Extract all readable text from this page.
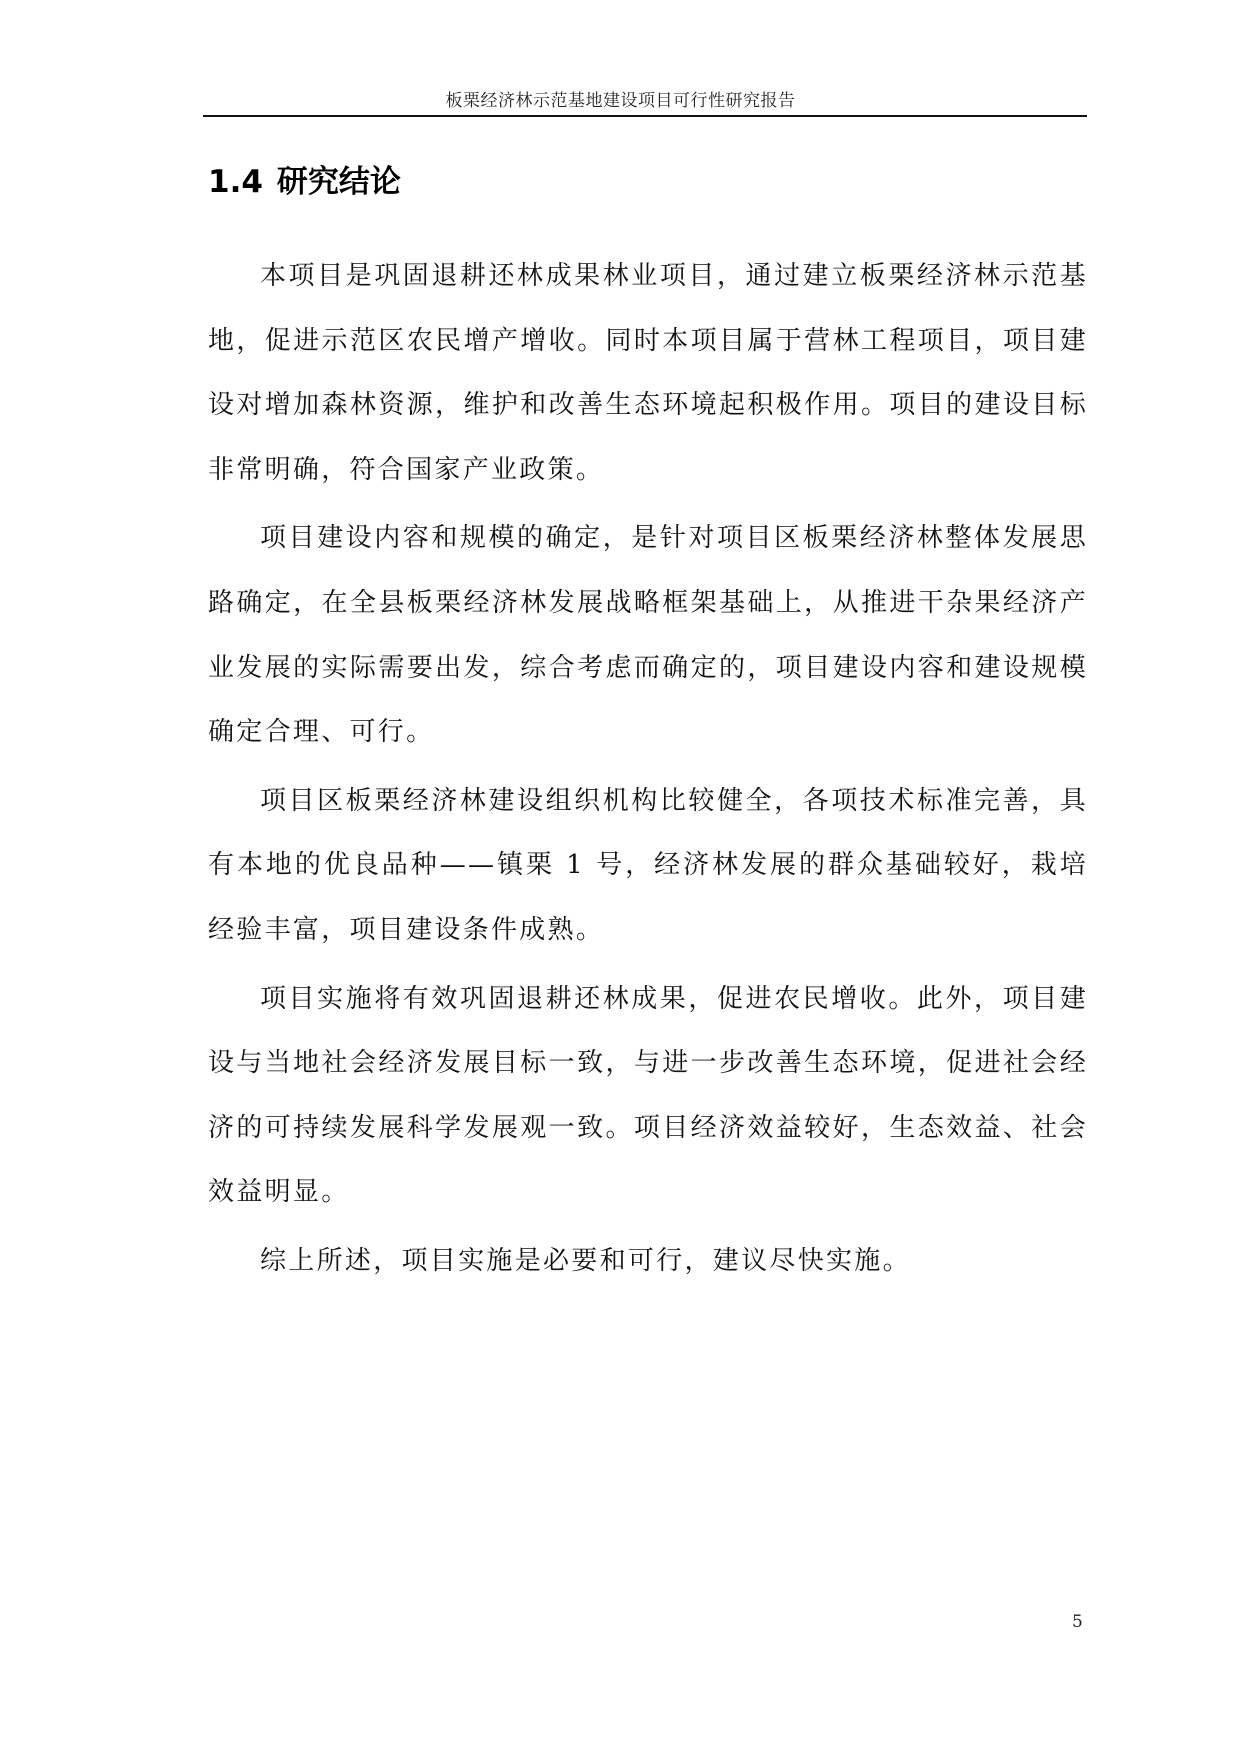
板栗经济林示范基地建设项目可行性研究报告
1.4 研究结论

本项目是巩固退耕还林成果林业项目，通过建立板栗经济林示范基地，促进示范区农民增产增收。同时本项目属于营林工程项目，项目建设对增加森林资源，维护和改善生态环境起积极作用。项目的建设目标非常明确，符合国家产业政策。

项目建设内容和规模的确定，是针对项目区板栗经济林整体发展思路确定，在全县板栗经济林发展战略框架基础上，从推进干杂果经济产业发展的实际需要出发，综合考虑而确定的，项目建设内容和建设规模确定合理、可行。

项目区板栗经济林建设组织机构比较健全，各项技术标准完善，具有本地的优良品种——镇栗 1 号，经济林发展的群众基础较好，栽培经验丰富，项目建设条件成熟。

项目实施将有效巩固退耕还林成果，促进农民增收。此外，项目建设与当地社会经济发展目标一致，与进一步改善生态环境，促进社会经济的可持续发展科学发展观一致。项目经济效益较好，生态效益、社会效益明显。

综上所述，项目实施是必要和可行，建议尽快实施。

5
